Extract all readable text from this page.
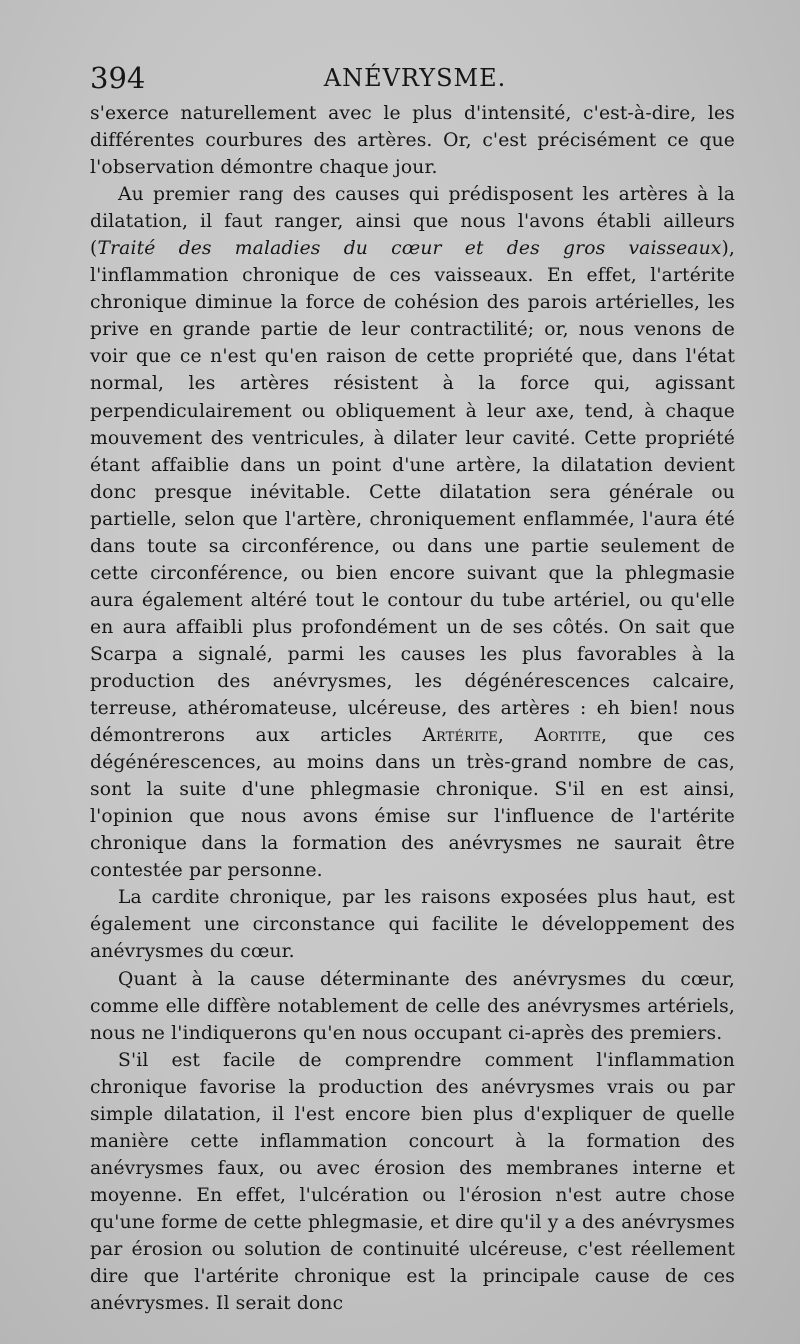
394	ANÉVRYSME.

s'exerce naturellement avec le plus d'intensité, c'est-à-dire, les différentes courbures des artères. Or, c'est précisément ce que l'observation démontre chaque jour.

Au premier rang des causes qui prédisposent les artères à la dilatation, il faut ranger, ainsi que nous l'avons établi ailleurs (Traité des maladies du cœur et des gros vaisseaux), l'inflammation chronique de ces vaisseaux. En effet, l'artérite chronique diminue la force de cohésion des parois artérielles, les prive en grande partie de leur contractilité; or, nous venons de voir que ce n'est qu'en raison de cette propriété que, dans l'état normal, les artères résistent à la force qui, agissant perpendiculairement ou obliquement à leur axe, tend, à chaque mouvement des ventricules, à dilater leur cavité. Cette propriété étant affaiblie dans un point d'une artère, la dilatation devient donc presque inévitable. Cette dilatation sera générale ou partielle, selon que l'artère, chroniquement enflammée, l'aura été dans toute sa circonférence, ou dans une partie seulement de cette circonférence, ou bien encore suivant que la phlegmasie aura également altéré tout le contour du tube artériel, ou qu'elle en aura affaibli plus profondément un de ses côtés. On sait que Scarpa a signalé, parmi les causes les plus favorables à la production des anévrysmes, les dégénérescences calcaire, terreuse, athéromateuse, ulcéreuse, des artères : eh bien! nous démontrerons aux articles Artérite, Aortite, que ces dégénérescences, au moins dans un très-grand nombre de cas, sont la suite d'une phlegmasie chronique. S'il en est ainsi, l'opinion que nous avons émise sur l'influence de l'artérite chronique dans la formation des anévrysmes ne saurait être contestée par personne.

La cardite chronique, par les raisons exposées plus haut, est également une circonstance qui facilite le développement des anévrysmes du cœur.

Quant à la cause déterminante des anévrysmes du cœur, comme elle diffère notablement de celle des anévrysmes artériels, nous ne l'indiquerons qu'en nous occupant ci-après des premiers.

S'il est facile de comprendre comment l'inflammation chronique favorise la production des anévrysmes vrais ou par simple dilatation, il l'est encore bien plus d'expliquer de quelle manière cette inflammation concourt à la formation des anévrysmes faux, ou avec érosion des membranes interne et moyenne. En effet, l'ulcération ou l'érosion n'est autre chose qu'une forme de cette phlegmasie, et dire qu'il y a des anévrysmes par érosion ou solution de continuité ulcéreuse, c'est réellement dire que l'artérite chronique est la principale cause de ces anévrysmes. Il serait donc
